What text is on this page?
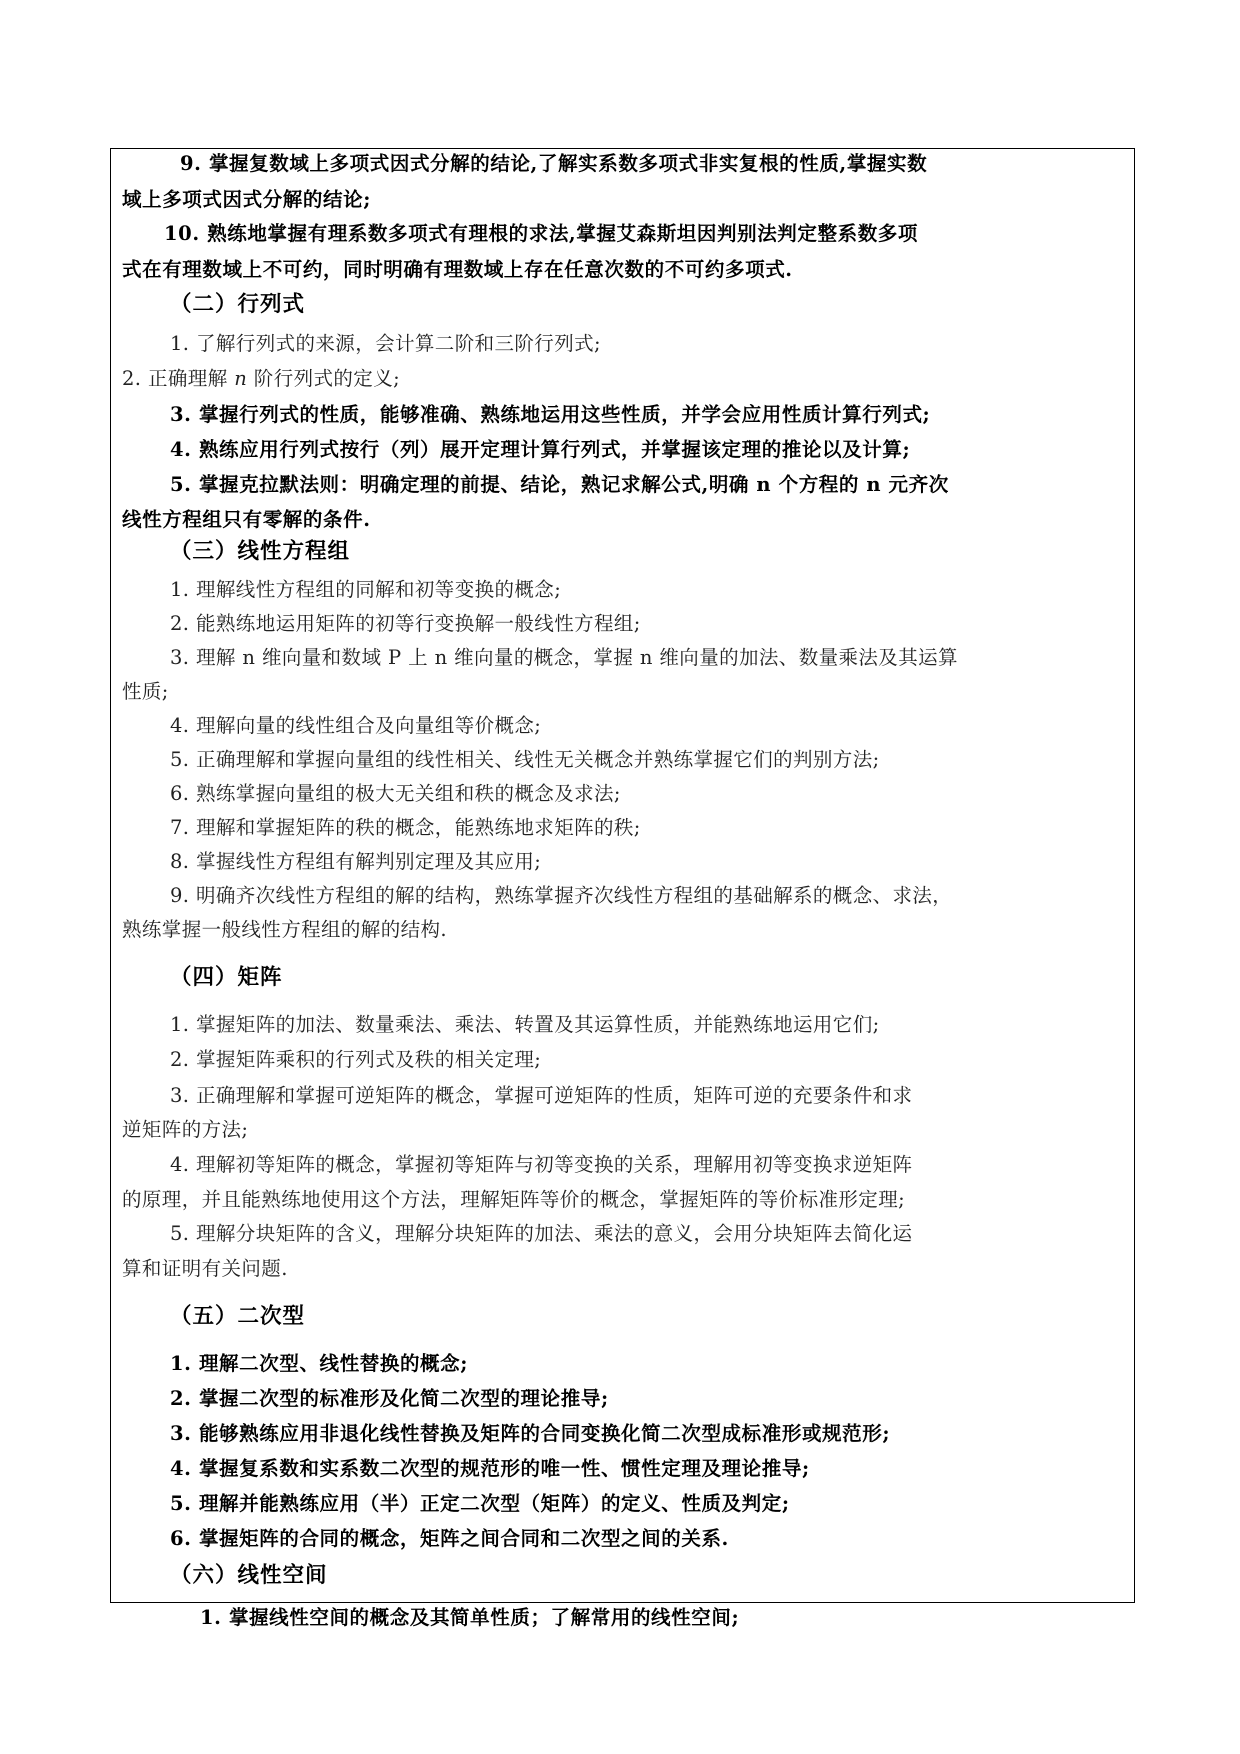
9. 掌握复数域上多项式因式分解的结论,了解实系数多项式非实复根的性质,掌握实数
域上多项式因式分解的结论;
10. 熟练地掌握有理系数多项式有理根的求法,掌握艾森斯坦因判别法判定整系数多项
式在有理数域上不可约，同时明确有理数域上存在任意次数的不可约多项式.
（二）行列式
1. 了解行列式的来源，会计算二阶和三阶行列式;
2. 正确理解 n 阶行列式的定义;
3. 掌握行列式的性质，能够准确、熟练地运用这些性质，并学会应用性质计算行列式;
4. 熟练应用行列式按行（列）展开定理计算行列式，并掌握该定理的推论以及计算;
5. 掌握克拉默法则：明确定理的前提、结论，熟记求解公式,明确 n 个方程的 n 元齐次
线性方程组只有零解的条件.
（三）线性方程组
1. 理解线性方程组的同解和初等变换的概念;
2. 能熟练地运用矩阵的初等行变换解一般线性方程组;
3. 理解 n 维向量和数域 P 上 n 维向量的概念，掌握 n 维向量的加法、数量乘法及其运算
性质;
4. 理解向量的线性组合及向量组等价概念;
5. 正确理解和掌握向量组的线性相关、线性无关概念并熟练掌握它们的判别方法;
6. 熟练掌握向量组的极大无关组和秩的概念及求法;
7. 理解和掌握矩阵的秩的概念，能熟练地求矩阵的秩;
8. 掌握线性方程组有解判别定理及其应用;
9. 明确齐次线性方程组的解的结构，熟练掌握齐次线性方程组的基础解系的概念、求法，
熟练掌握一般线性方程组的解的结构.
（四）矩阵
1. 掌握矩阵的加法、数量乘法、乘法、转置及其运算性质，并能熟练地运用它们;
2. 掌握矩阵乘积的行列式及秩的相关定理;
3. 正确理解和掌握可逆矩阵的概念，掌握可逆矩阵的性质，矩阵可逆的充要条件和求
逆矩阵的方法;
4. 理解初等矩阵的概念，掌握初等矩阵与初等变换的关系，理解用初等变换求逆矩阵
的原理，并且能熟练地使用这个方法，理解矩阵等价的概念，掌握矩阵的等价标准形定理;
5. 理解分块矩阵的含义，理解分块矩阵的加法、乘法的意义，会用分块矩阵去简化运
算和证明有关问题.
（五）二次型
1. 理解二次型、线性替换的概念;
2. 掌握二次型的标准形及化简二次型的理论推导;
3. 能够熟练应用非退化线性替换及矩阵的合同变换化简二次型成标准形或规范形;
4. 掌握复系数和实系数二次型的规范形的唯一性、惯性定理及理论推导;
5. 理解并能熟练应用（半）正定二次型（矩阵）的定义、性质及判定;
6. 掌握矩阵的合同的概念，矩阵之间合同和二次型之间的关系.
（六）线性空间
1. 掌握线性空间的概念及其简单性质；了解常用的线性空间;
